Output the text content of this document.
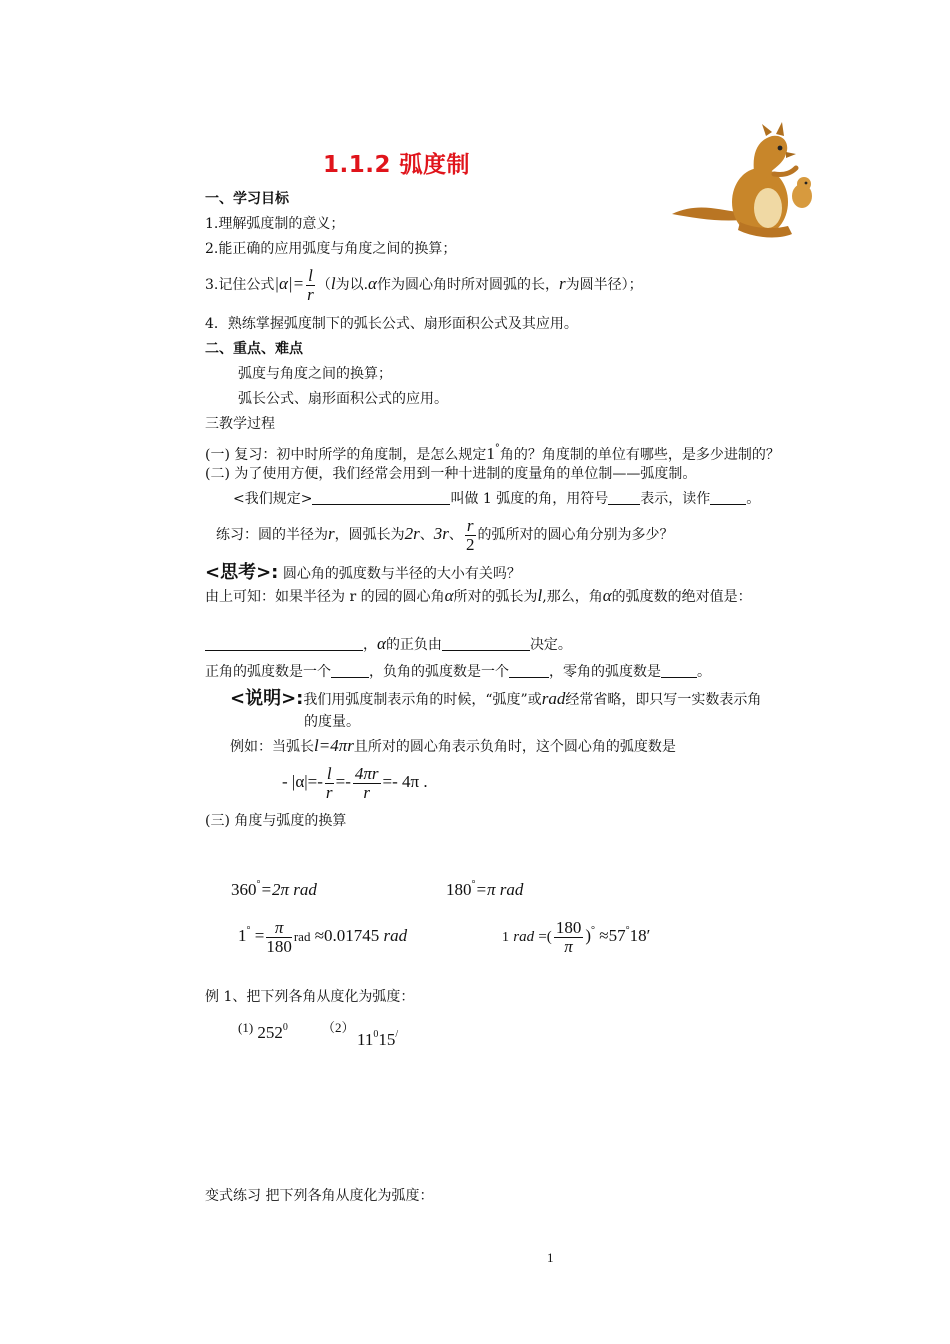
1.1.2 弧度制
一、学习目标
1.理解弧度制的意义；
2.能正确的应用弧度与角度之间的换算；
3.记住公式$|\alpha|= \frac{l}{r} (l$为以.α作为圆心角时所对圆弧的长，r为圆半径）；
4．熟练掌握弧度制下的弧长公式、扇形面积公式及其应用。
二、重点、难点
弧度与角度之间的换算；
弧长公式、扇形面积公式的应用。
三教学过程
(一) 复习：初中时所学的角度制，是怎么规定1°角的？角度制的单位有哪些，是多少进制的？
(二) 为了使用方便，我们经常会用到一种十进制的度量角的单位制——弧度制。
<我们规定>	叫做 1 弧度的角，用符号 表示，读作	。
练习：圆的半径为r，圆弧长为2r、3r、 $\frac{r}{2}$ 的弧所对的圆心角分别为多少？
<思考>: 圆心角的弧度数与半径的大小有关吗？
由上可知：如果半径为 r 的园的圆心角α所对的弧长为l,那么，角α的弧度数的绝对值是：
，α的正负由	决定。
正角的弧度数是一个	，负角的弧度数是一个	，零角的弧度数是	。
<说明>:我们用弧度制表示角的时候，“弧度”或rad经常省略，即只写一实数表示角
的度量。
例如：当弧长l=4πr且所对的圆心角表示负角时，这个圆心角的弧度数是
- $|\alpha|=- \frac{l}{r} =- \frac{4\pi r}{r} =- 4\pi$ .
(三) 角度与弧度的换算
360°=2π rad	180°=π rad
$1^\circ = \frac{\pi}{180}$ rad ≈0.01745 rad	1 rad =( $\frac{180}{\pi} )^\circ \approx 57^\circ 18'$
例 1、把下列各角从度化为弧度：
$^{(1)}$ $252^0$	$^{(2)}$

$11^015^/$
变式练习 把下列各角从度化为弧度：
1
